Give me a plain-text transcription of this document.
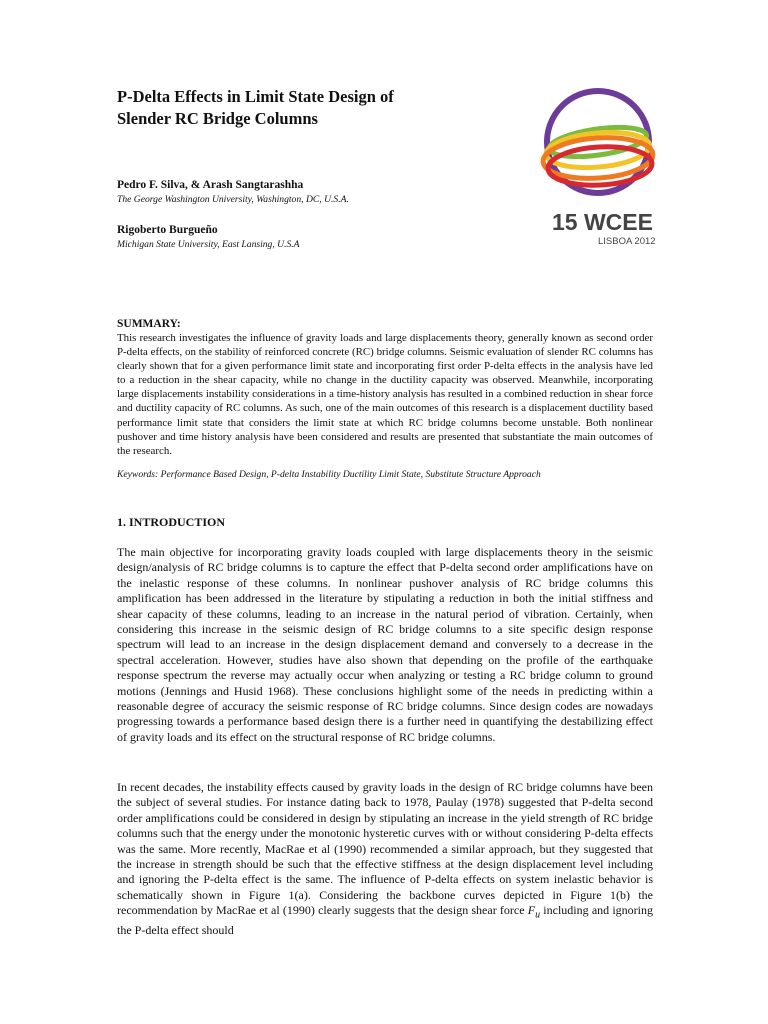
P-Delta Effects in Limit State Design of
Slender RC Bridge Columns

Pedro F. Silva, & Arash Sangtarashha

The George Washington University, Washington, DC, U.S.A.

Rigoberto Burgueño

Michigan State University, East Lansing, U.S.A

15 WCEE
LISBOA 2012

SUMMARY:

This research investigates the influence of gravity loads and large displacements theory, generally known as second order P-delta effects, on the stability of reinforced concrete (RC) bridge columns. Seismic evaluation of slender RC columns has clearly shown that for a given performance limit state and incorporating first order P-delta effects in the analysis have led to a reduction in the shear capacity, while no change in the ductility capacity was observed. Meanwhile, incorporating large displacements instability considerations in a time-history analysis has resulted in a combined reduction in shear force and ductility capacity of RC columns. As such, one of the main outcomes of this research is a displacement ductility based performance limit state that considers the limit state at which RC bridge columns become unstable. Both nonlinear pushover and time history analysis have been considered and results are presented that substantiate the main outcomes of the research.

Keywords: Performance Based Design, P-delta Instability Ductility Limit State, Substitute Structure Approach

1. INTRODUCTION

The main objective for incorporating gravity loads coupled with large displacements theory in the seismic design/analysis of RC bridge columns is to capture the effect that P-delta second order amplifications have on the inelastic response of these columns. In nonlinear pushover analysis of RC bridge columns this amplification has been addressed in the literature by stipulating a reduction in both the initial stiffness and shear capacity of these columns, leading to an increase in the natural period of vibration. Certainly, when considering this increase in the seismic design of RC bridge columns to a site specific design response spectrum will lead to an increase in the design displacement demand and conversely to a decrease in the spectral acceleration. However, studies have also shown that depending on the profile of the earthquake response spectrum the reverse may actually occur when analyzing or testing a RC bridge column to ground motions (Jennings and Husid 1968). These conclusions highlight some of the needs in predicting within a reasonable degree of accuracy the seismic response of RC bridge columns. Since design codes are nowadays progressing towards a performance based design there is a further need in quantifying the destabilizing effect of gravity loads and its effect on the structural response of RC bridge columns.

In recent decades, the instability effects caused by gravity loads in the design of RC bridge columns have been the subject of several studies. For instance dating back to 1978, Paulay (1978) suggested that P-delta second order amplifications could be considered in design by stipulating an increase in the yield strength of RC bridge columns such that the energy under the monotonic hysteretic curves with or without considering P-delta effects was the same. More recently, MacRae et al (1990) recommended a similar approach, but they suggested that the increase in strength should be such that the effective stiffness at the design displacement level including and ignoring the P-delta effect is the same. The influence of P-delta effects on system inelastic behavior is schematically shown in Figure 1(a). Considering the backbone curves depicted in Figure 1(b) the recommendation by MacRae et al (1990) clearly suggests that the design shear force $F_u$ including and ignoring the P-delta effect should
